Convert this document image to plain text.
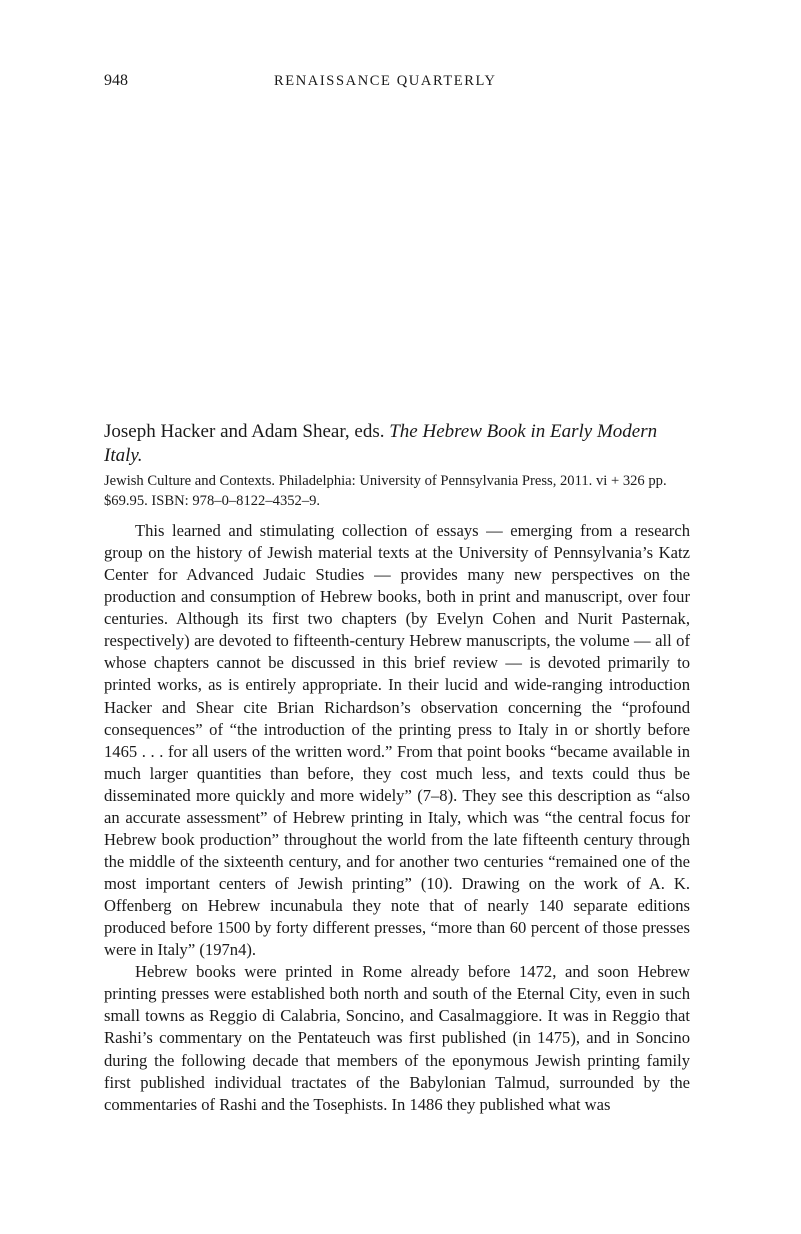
948	RENAISSANCE QUARTERLY

Joseph Hacker and Adam Shear, eds. The Hebrew Book in Early Modern Italy.

Jewish Culture and Contexts. Philadelphia: University of Pennsylvania Press, 2011. vi + 326 pp.
$69.95. ISBN: 978–0–8122–4352–9.

This learned and stimulating collection of essays — emerging from a research group on the history of Jewish material texts at the University of Pennsylvania’s Katz Center for Advanced Judaic Studies — provides many new perspectives on the production and consumption of Hebrew books, both in print and manuscript, over four centuries. Although its first two chapters (by Evelyn Cohen and Nurit Pasternak, respectively) are devoted to fifteenth-century Hebrew manuscripts, the volume — all of whose chapters cannot be discussed in this brief review — is devoted primarily to printed works, as is entirely appropriate. In their lucid and wide-ranging introduction Hacker and Shear cite Brian Richardson’s observation concerning the “profound consequences” of “the introduction of the printing press to Italy in or shortly before 1465 . . . for all users of the written word.” From that point books “became available in much larger quantities than before, they cost much less, and texts could thus be disseminated more quickly and more widely” (7–8). They see this description as “also an accurate assessment” of Hebrew printing in Italy, which was “the central focus for Hebrew book production” throughout the world from the late fifteenth century through the middle of the sixteenth century, and for another two centuries “remained one of the most important centers of Jewish printing” (10). Drawing on the work of A. K. Offenberg on Hebrew incunabula they note that of nearly 140 separate editions produced before 1500 by forty different presses, “more than 60 percent of those presses were in Italy” (197n4).

Hebrew books were printed in Rome already before 1472, and soon Hebrew printing presses were established both north and south of the Eternal City, even in such small towns as Reggio di Calabria, Soncino, and Casalmaggiore. It was in Reggio that Rashi’s commentary on the Pentateuch was first published (in 1475), and in Soncino during the following decade that members of the eponymous Jewish printing family first published individual tractates of the Babylonian Talmud, surrounded by the commentaries of Rashi and the Tosephists. In 1486 they published what was
